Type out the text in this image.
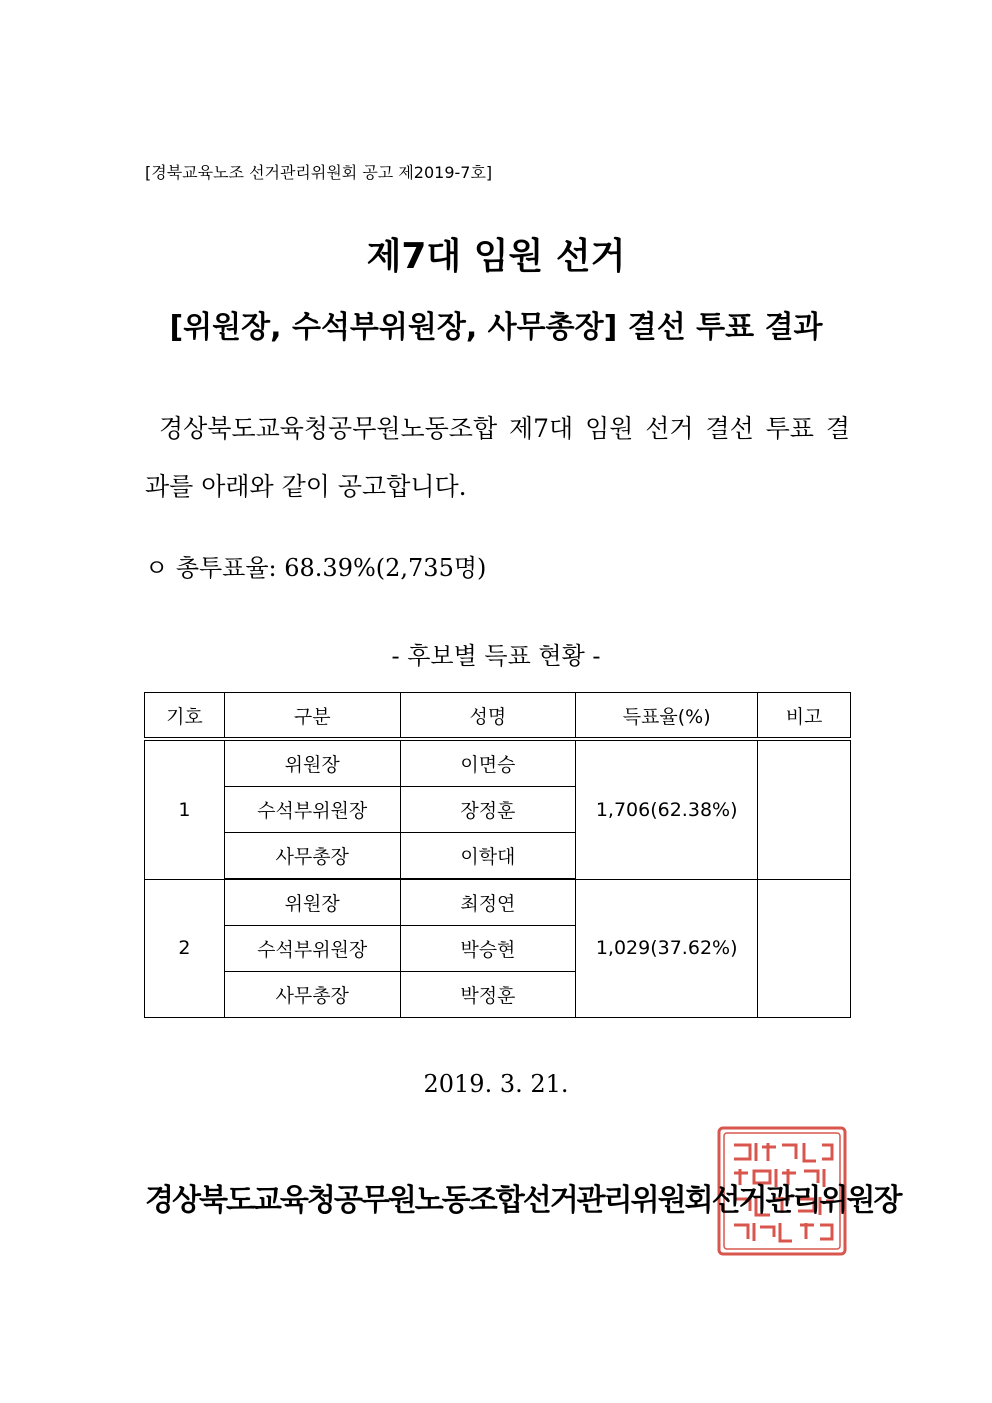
[경북교육노조 선거관리위원회 공고 제2019-7호]
제7대 임원 선거
[위원장, 수석부위원장, 사무총장] 결선 투표 결과
경상북도교육청공무원노동조합 제7대 임원 선거 결선 투표 결과를 아래와 같이 공고합니다.
ㅇ 총투표율: 68.39%(2,735명)
- 후보별 득표 현황 -
기호	구분	성명	득표율(%)	비고
1	위원장	이면승	1,706(62.38%)	
	수석부위원장	장정훈		
	사무총장	이학대		
2	위원장	최정연	1,029(37.62%)	
	수석부위원장	박승현		
	사무총장	박정훈		
2019. 3. 21.
경상북도교육청공무원노동조합선거관리위원회선거관리위원장
